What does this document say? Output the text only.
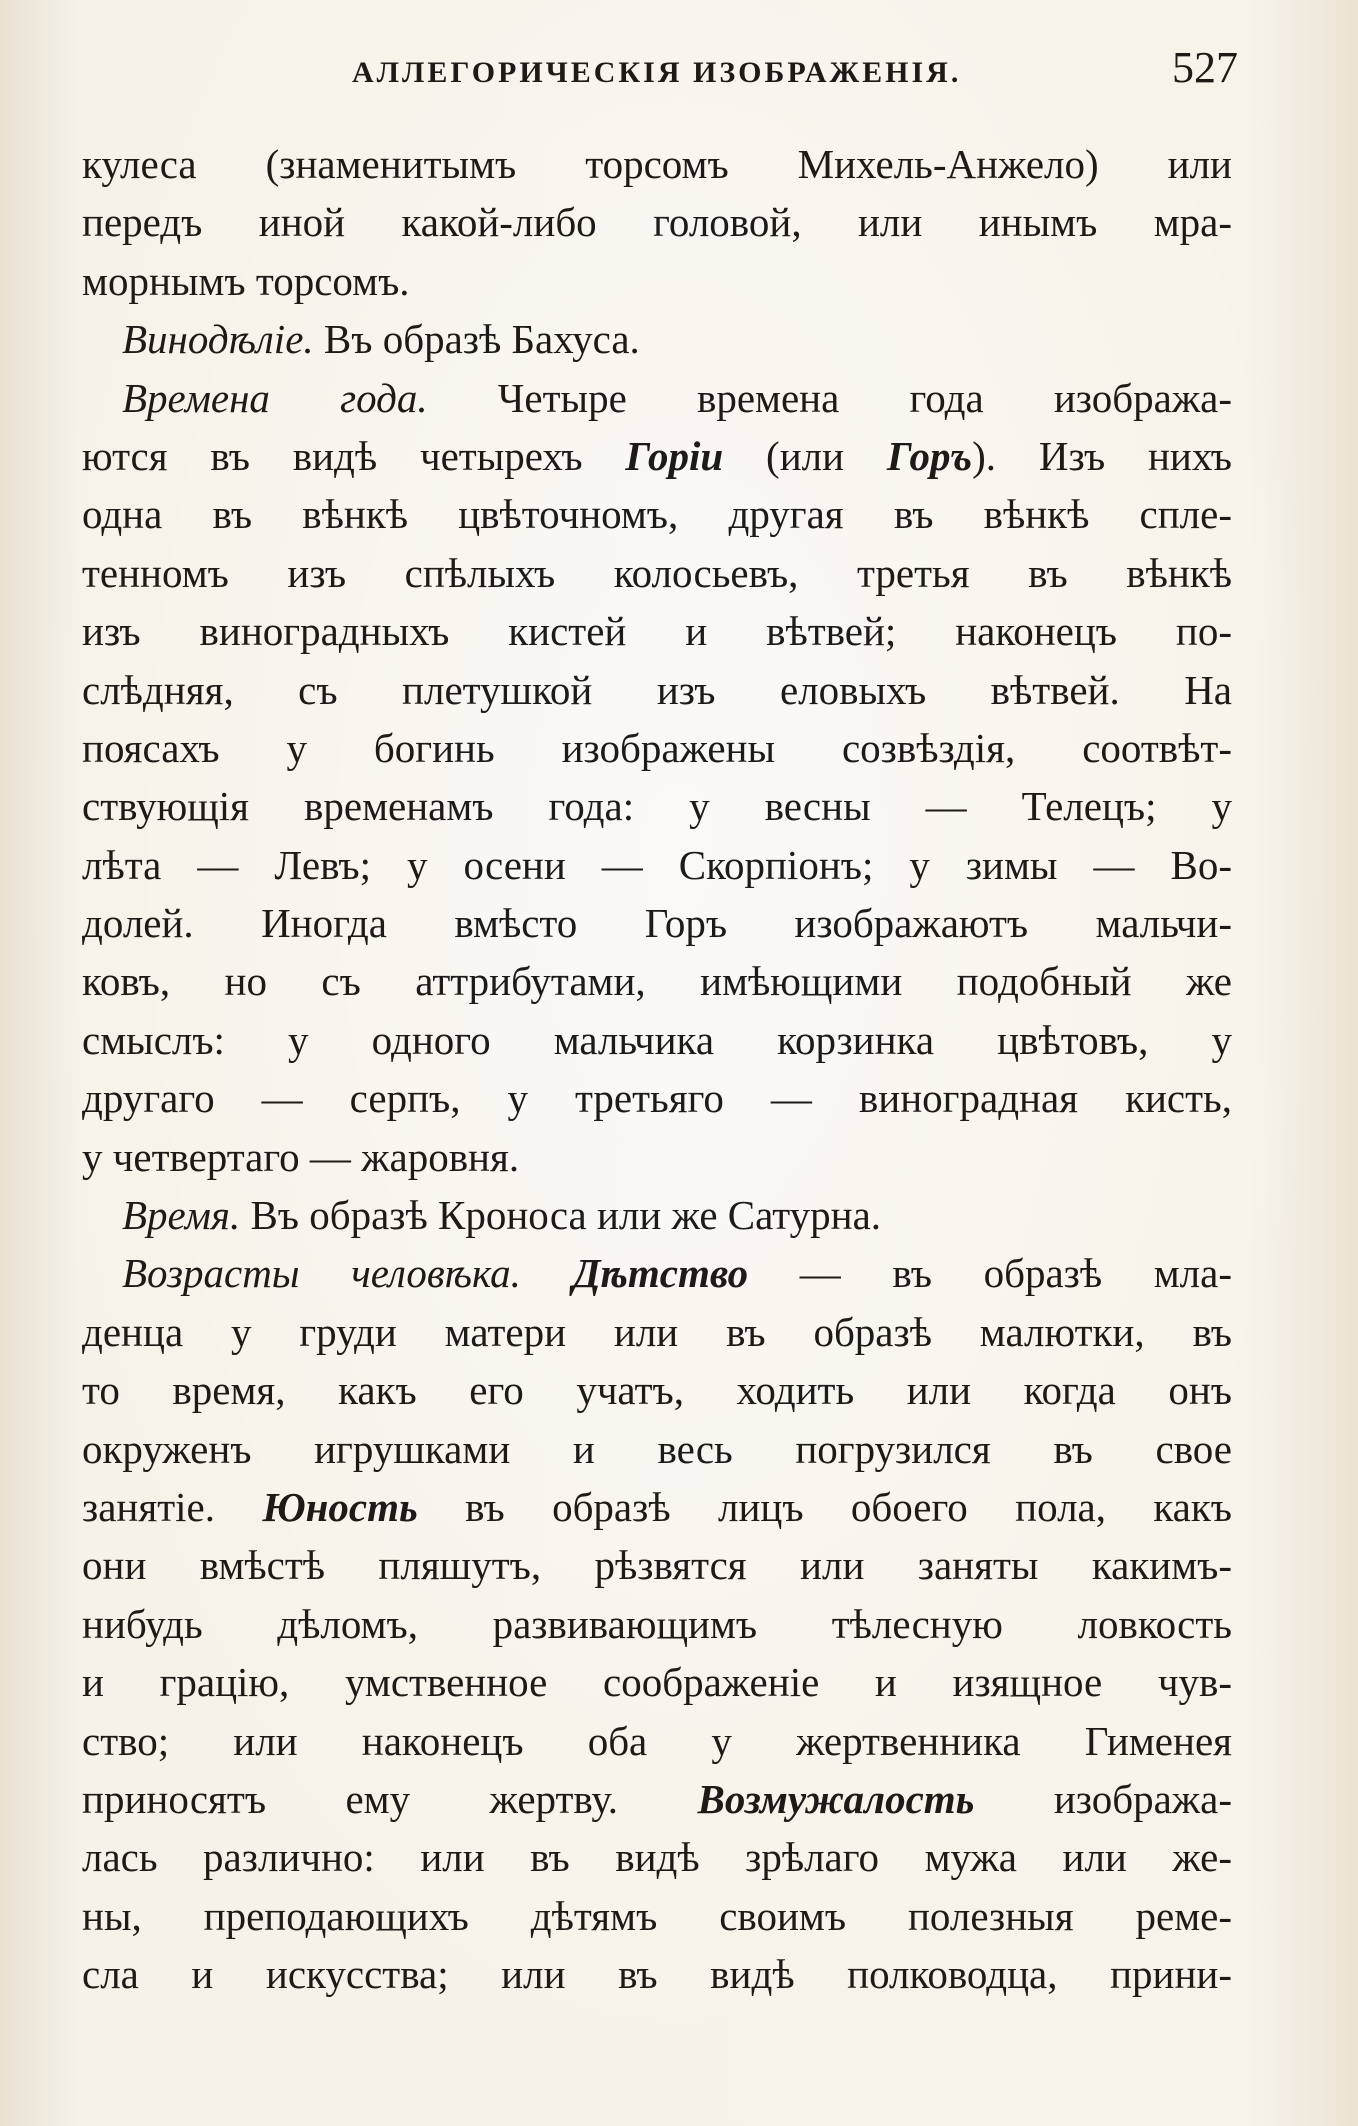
АЛЛЕГОРИЧЕСКІЯ ИЗОБРАЖЕНІЯ.	527
кулеса (знаменитымъ торсомъ Михель-Анжело) или
передъ иной какой-либо головой, или инымъ мра-
морнымъ торсомъ.
Винодѣліе. Въ образѣ Бахуса.
Времена года. Четыре времена года изобража-
ются въ видѣ четырехъ Горіи (или Горъ). Изъ нихъ
одна въ вѣнкѣ цвѣточномъ, другая въ вѣнкѣ спле-
тенномъ изъ спѣлыхъ колосьевъ, третья въ вѣнкѣ
изъ виноградныхъ кистей и вѣтвей; наконецъ по-
слѣдняя, съ плетушкой изъ еловыхъ вѣтвей. На
поясахъ у богинь изображены созвѣздія, соотвѣт-
ствующія временамъ года: у весны — Телецъ; у
лѣта — Левъ; у осени — Скорпіонъ; у зимы — Во-
долей. Иногда вмѣсто Горъ изображаютъ мальчи-
ковъ, но съ аттрибутами, имѣющими подобный же
смыслъ: у одного мальчика корзинка цвѣтовъ, у
другаго — серпъ, у третьяго — виноградная кисть,
у четвертаго — жаровня.
Время. Въ образѣ Кроноса или же Сатурна.
Возрасты человѣка. Дѣтство — въ образѣ мла-
денца у груди матери или въ образѣ малютки, въ
то время, какъ его учатъ, ходить или когда онъ
окруженъ игрушками и весь погрузился въ свое
занятіе. Юность въ образѣ лицъ обоего пола, какъ
они вмѣстѣ пляшутъ, рѣзвятся или заняты какимъ-
нибудь дѣломъ, развивающимъ тѣлесную ловкость
и грацію, умственное соображеніе и изящное чув-
ство; или наконецъ оба у жертвенника Гименея
приносятъ ему жертву. Возмужалость изобража-
лась различно: или въ видѣ зрѣлаго мужа или же-
ны, преподающихъ дѣтямъ своимъ полезныя реме-
сла и искусства; или въ видѣ полководца, прини-
